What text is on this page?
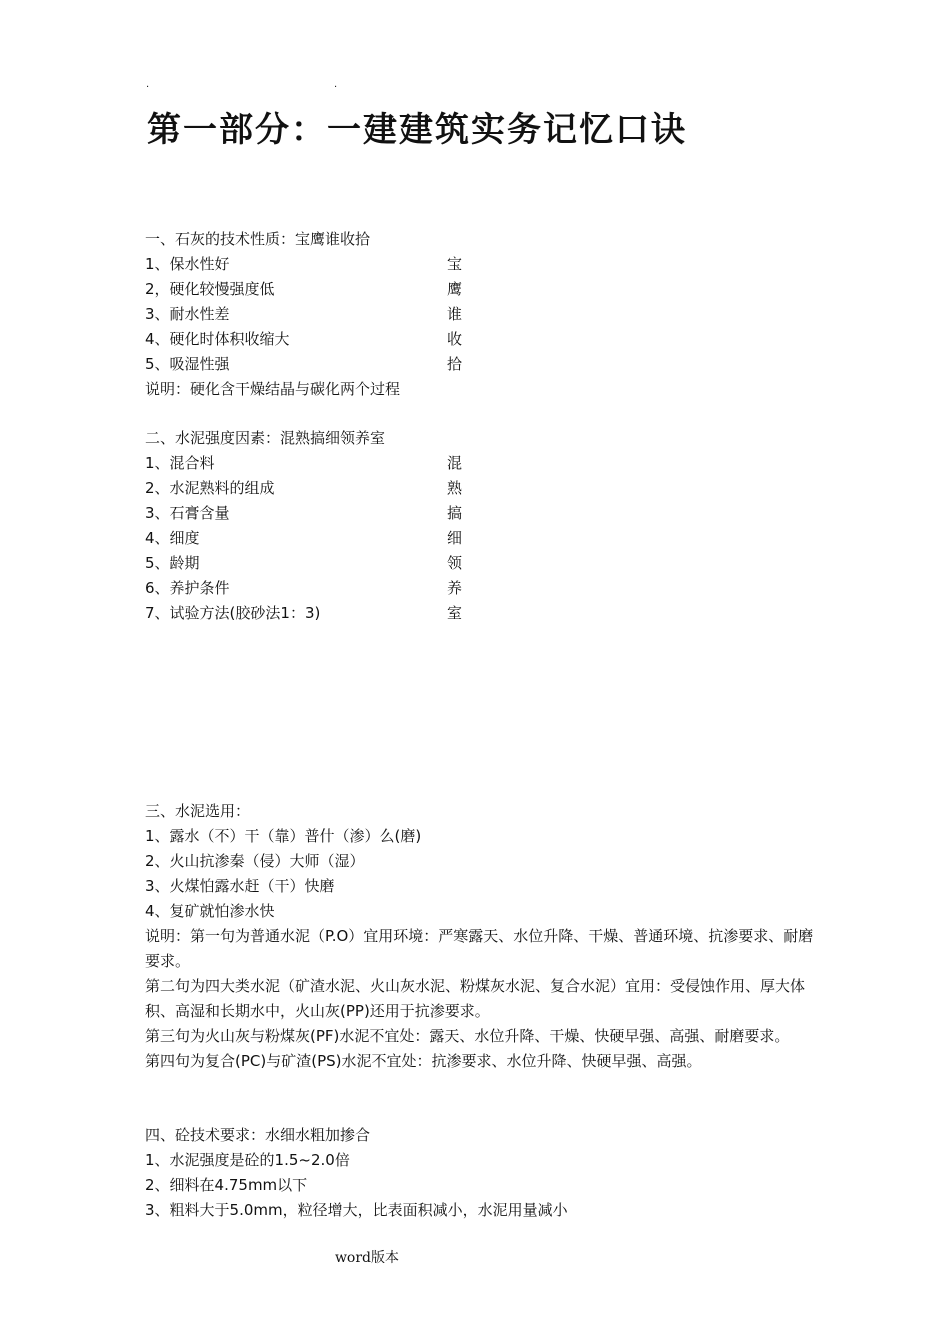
.	.
第一部分：一建建筑实务记忆口诀
一、石灰的技术性质：宝鹰谁收拾
1、保水性好	宝
2，硬化较慢强度低	鹰
3、耐水性差	谁
4、硬化时体积收缩大	收
5、吸湿性强	拾
说明：硬化含干燥结晶与碳化两个过程
二、水泥强度因素：混熟搞细领养室
1、混合料	混
2、水泥熟料的组成	熟
3、石膏含量	搞
4、细度	细
5、龄期	领
6、养护条件	养
7、试验方法(胶砂法1：3)	室
三、水泥选用：
1、露水（不）干（靠）普什（渗）么(磨)
2、火山抗渗秦（侵）大师（湿）
3、火煤怕露水赶（干）快磨
4、复矿就怕渗水快

说明：第一句为普通水泥（P.O）宜用环境：严寒露天、水位升降、干燥、普通环境、抗渗要求、耐磨要求。

第二句为四大类水泥（矿渣水泥、火山灰水泥、粉煤灰水泥、复合水泥）宜用：受侵蚀作用、厚大体积、高湿和长期水中，火山灰(PP)还用于抗渗要求。

第三句为火山灰与粉煤灰(PF)水泥不宜处：露天、水位升降、干燥、快硬早强、高强、耐磨要求。

第四句为复合(PC)与矿渣(PS)水泥不宜处：抗渗要求、水位升降、快硬早强、高强。

四、砼技术要求：水细水粗加掺合
1、水泥强度是砼的1.5~2.0倍
2、细料在4.75mm以下
3、粗料大于5.0mm，粒径增大，比表面积减小，水泥用量减小
word版本
